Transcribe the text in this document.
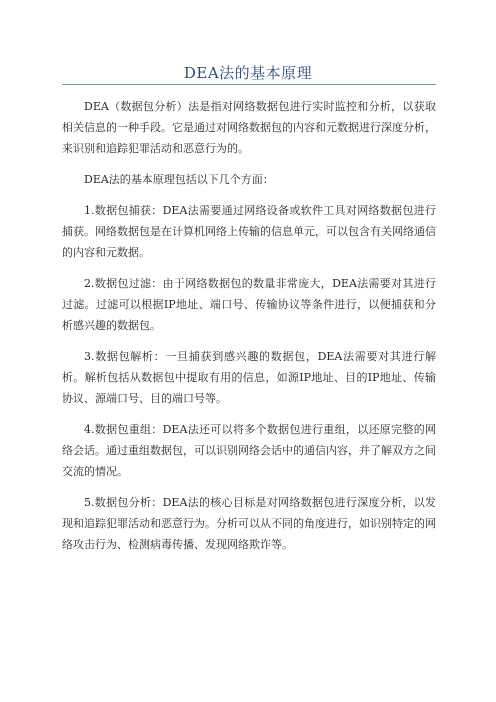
DEA法的基本原理

DEA（数据包分析）法是指对网络数据包进行实时监控和分析，以获取相关信息的一种手段。它是通过对网络数据包的内容和元数据进行深度分析，来识别和追踪犯罪活动和恶意行为的。

DEA法的基本原理包括以下几个方面：

1.数据包捕获：DEA法需要通过网络设备或软件工具对网络数据包进行捕获。网络数据包是在计算机网络上传输的信息单元，可以包含有关网络通信的内容和元数据。

2.数据包过滤：由于网络数据包的数量非常庞大，DEA法需要对其进行过滤。过滤可以根据IP地址、端口号、传输协议等条件进行，以便捕获和分析感兴趣的数据包。

3.数据包解析：一旦捕获到感兴趣的数据包，DEA法需要对其进行解析。解析包括从数据包中提取有用的信息，如源IP地址、目的IP地址、传输协议、源端口号、目的端口号等。

4.数据包重组：DEA法还可以将多个数据包进行重组，以还原完整的网络会话。通过重组数据包，可以识别网络会话中的通信内容，并了解双方之间交流的情况。

5.数据包分析：DEA法的核心目标是对网络数据包进行深度分析，以发现和追踪犯罪活动和恶意行为。分析可以从不同的角度进行，如识别特定的网络攻击行为、检测病毒传播、发现网络欺诈等。
